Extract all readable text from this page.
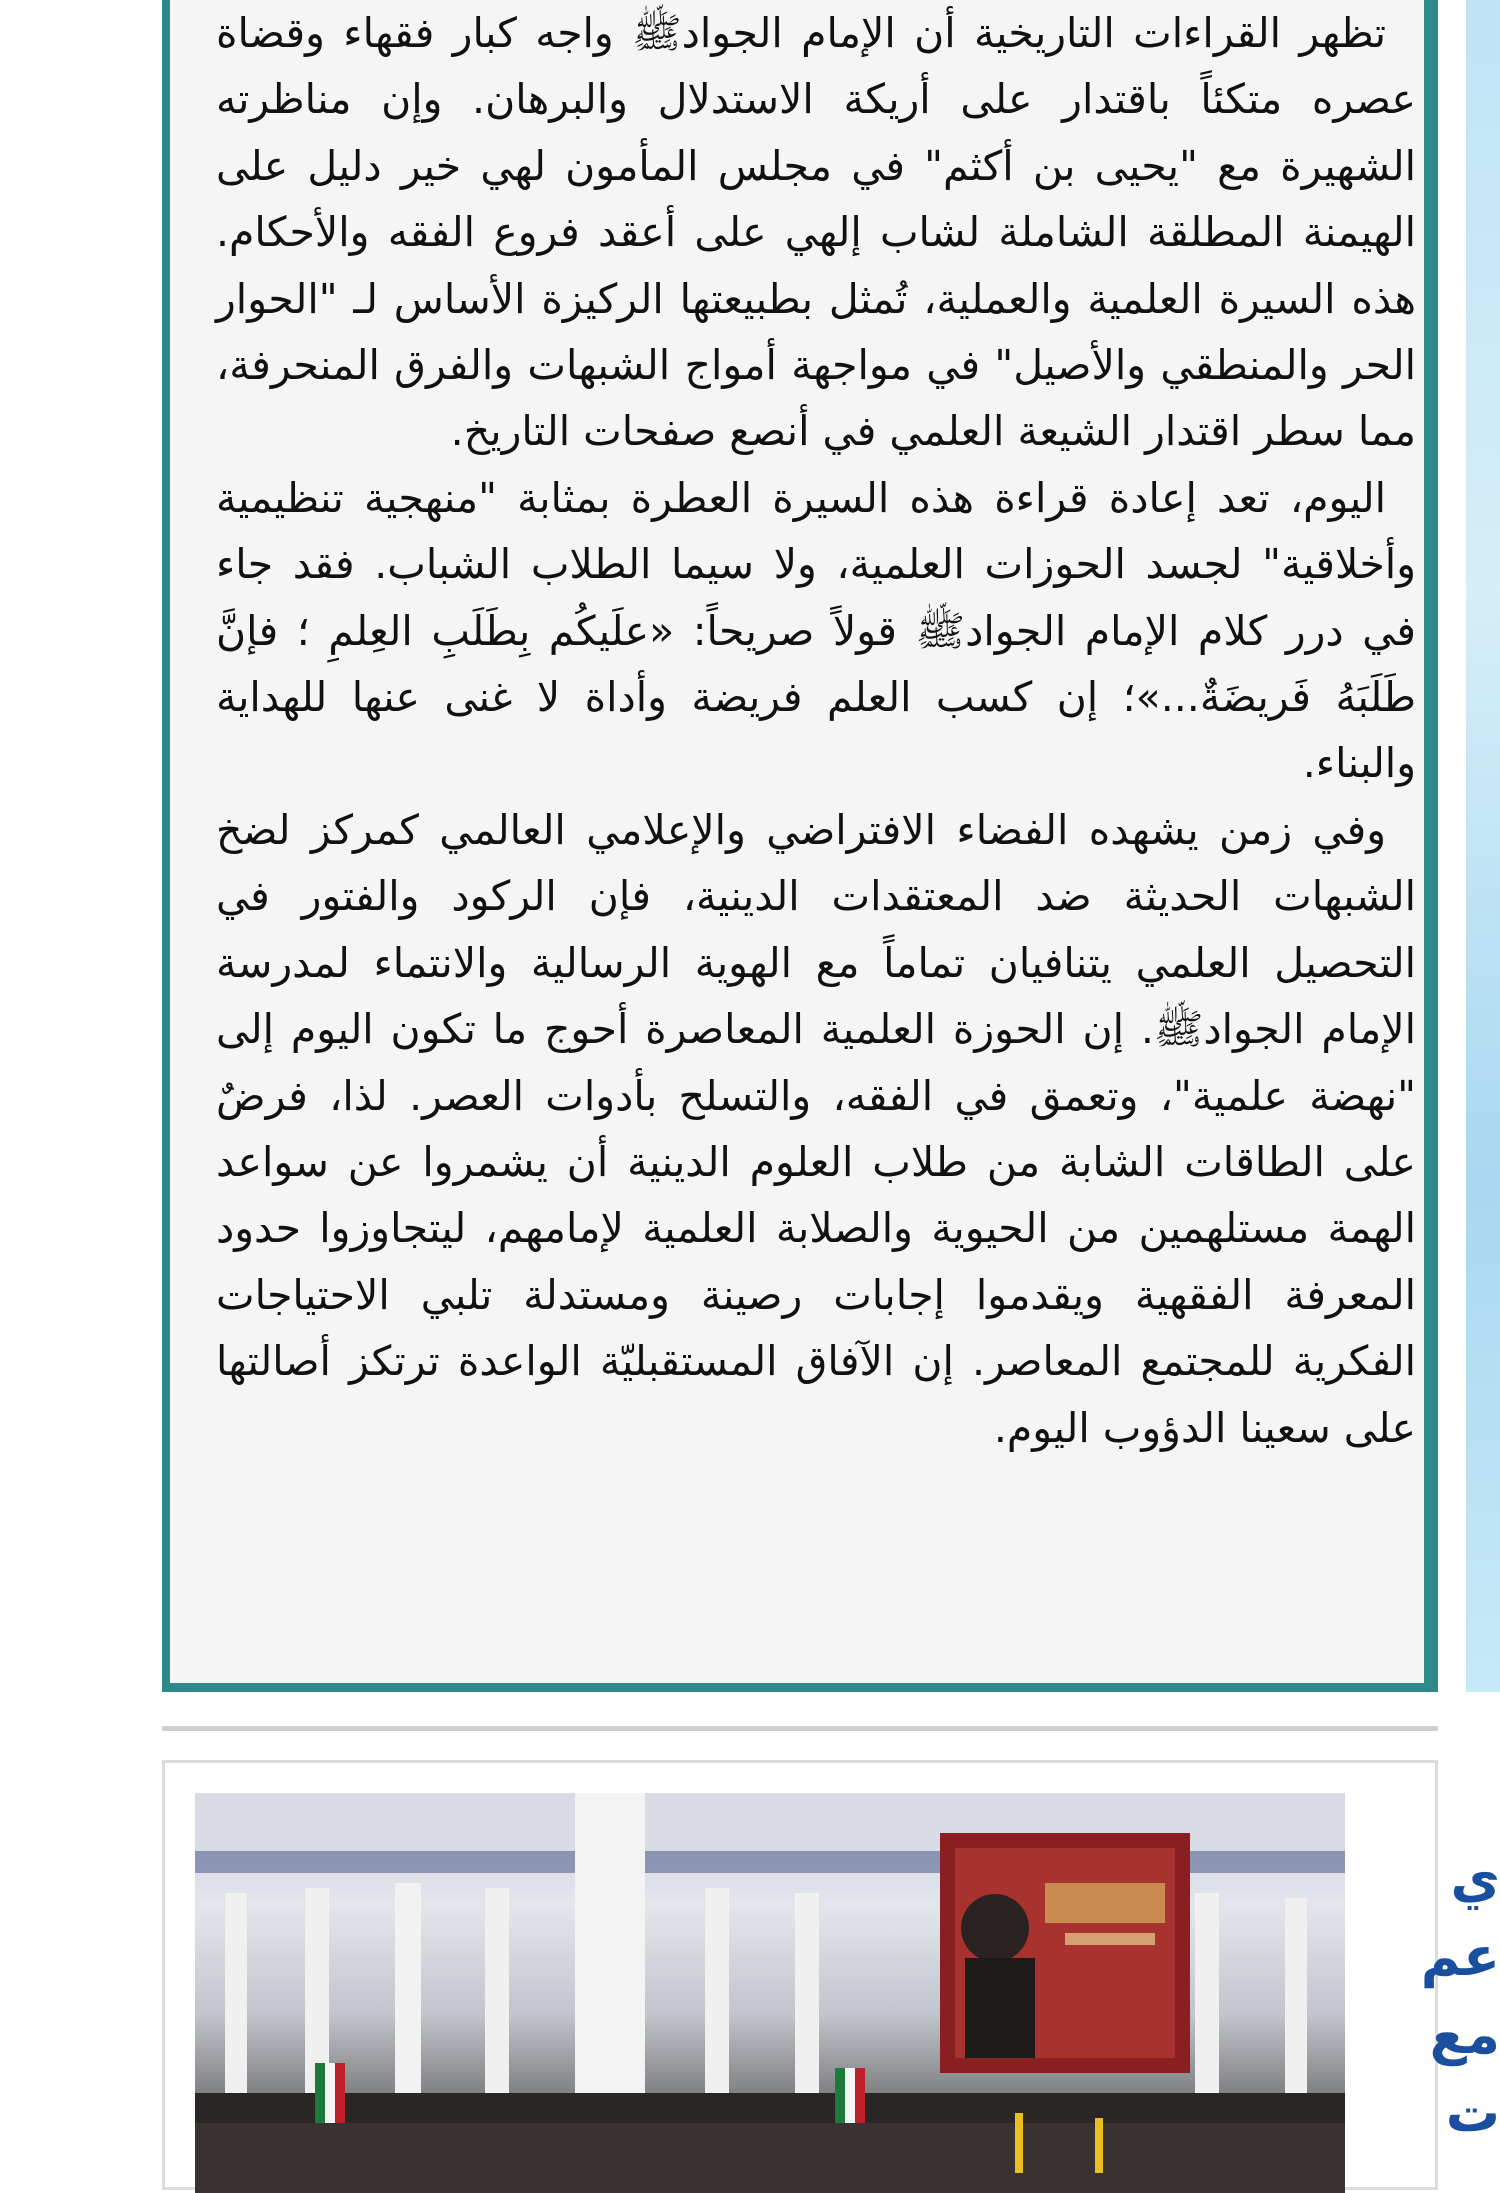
تظهر القراءات التاريخية أن الإمام الجوادﷺ واجه كبار فقهاء وقضاة عصره متكئاً باقتدار على أريكة الاستدلال والبرهان. وإن مناظرته الشهيرة مع "يحيى بن أكثم" في مجلس المأمون لهي خير دليل على الهيمنة المطلقة الشاملة لشاب إلهي على أعقد فروع الفقه والأحكام. هذه السيرة العلمية والعملية، تُمثل بطبيعتها الركيزة الأساس لـ "الحوار الحر والمنطقي والأصيل" في مواجهة أمواج الشبهات والفرق المنحرفة، مما سطر اقتدار الشيعة العلمي في أنصع صفحات التاريخ.

اليوم، تعد إعادة قراءة هذه السيرة العطرة بمثابة "منهجية تنظيمية وأخلاقية" لجسد الحوزات العلمية، ولا سيما الطلاب الشباب. فقد جاء في درر كلام الإمام الجوادﷺ قولاً صريحاً: «علَيكُم بِطَلَبِ العِلمِ ؛ فإنَّ طَلَبَهُ فَريضَةٌ...»؛ إن كسب العلم فريضة وأداة لا غنى عنها للهداية والبناء.

وفي زمن يشهده الفضاء الافتراضي والإعلامي العالمي كمركز لضخ الشبهات الحديثة ضد المعتقدات الدينية، فإن الركود والفتور في التحصيل العلمي يتنافيان تماماً مع الهوية الرسالية والانتماء لمدرسة الإمام الجوادﷺ. إن الحوزة العلمية المعاصرة أحوج ما تكون اليوم إلى "نهضة علمية"، وتعمق في الفقه، والتسلح بأدوات العصر. لذا، فرضٌ على الطاقات الشابة من طلاب العلوم الدينية أن يشمروا عن سواعد الهمة مستلهمين من الحيوية والصلابة العلمية لإمامهم، ليتجاوزوا حدود المعرفة الفقهية ويقدموا إجابات رصينة ومستدلة تلبي الاحتياجات الفكرية للمجتمع المعاصر. إن الآفاق المستقبليّة الواعدة ترتكز أصالتها على سعينا الدؤوب اليوم.

ي
عم
مع
ت
